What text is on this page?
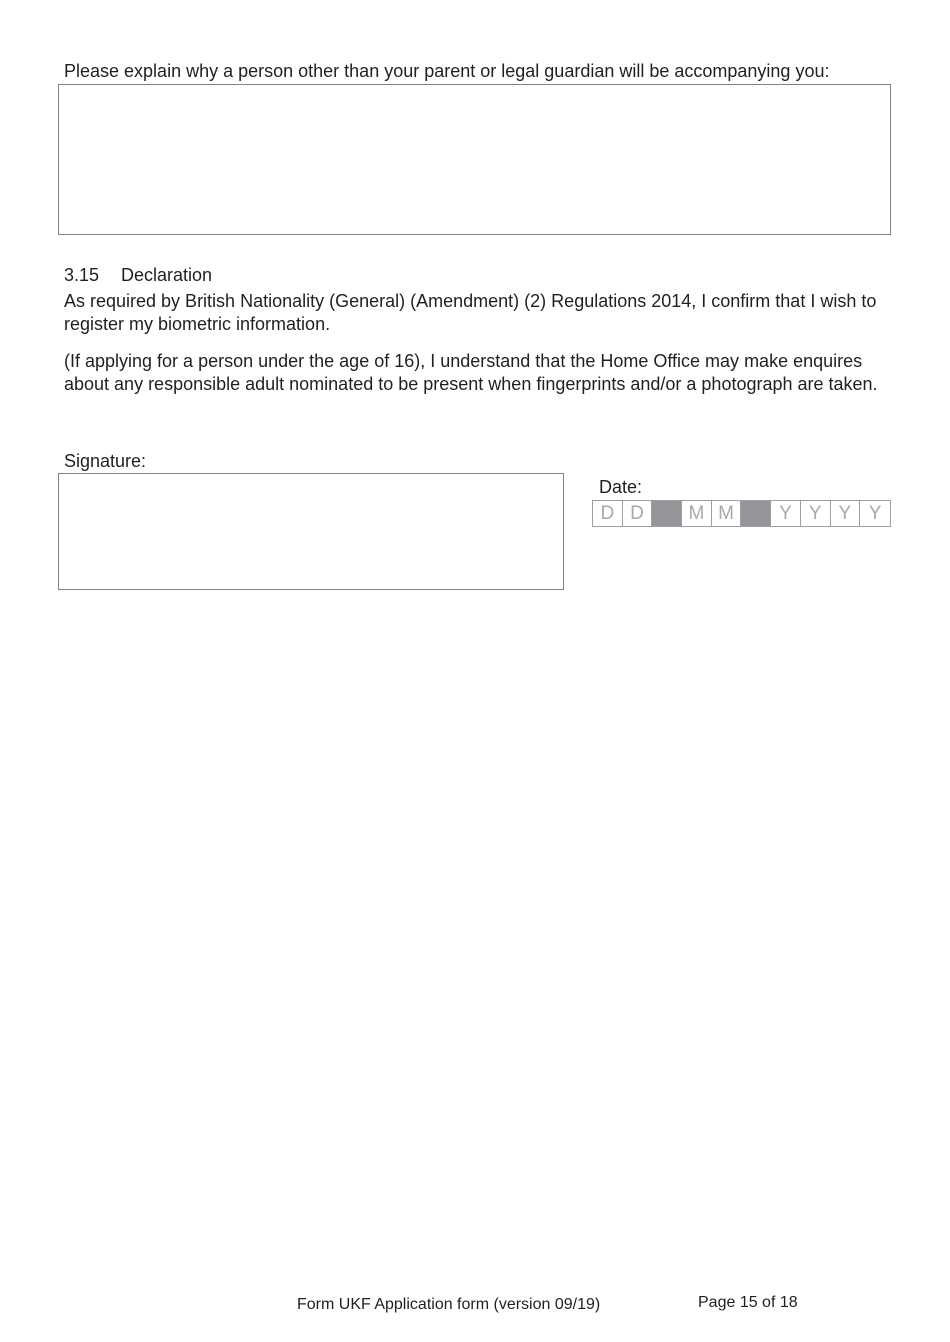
Please explain why a person other than your parent or legal guardian will be accompanying you:
3.15 Declaration
As required by British Nationality (General) (Amendment) (2) Regulations 2014, I confirm that I wish to register my biometric information.
(If applying for a person under the age of 16), I understand that the Home Office may make enquires about any responsible adult nominated to be present when fingerprints and/or a photograph are taken.
Signature:
Date:
D D	M M	Y Y Y Y
Form UKF Application form (version 09/19)	Page 15 of 18
